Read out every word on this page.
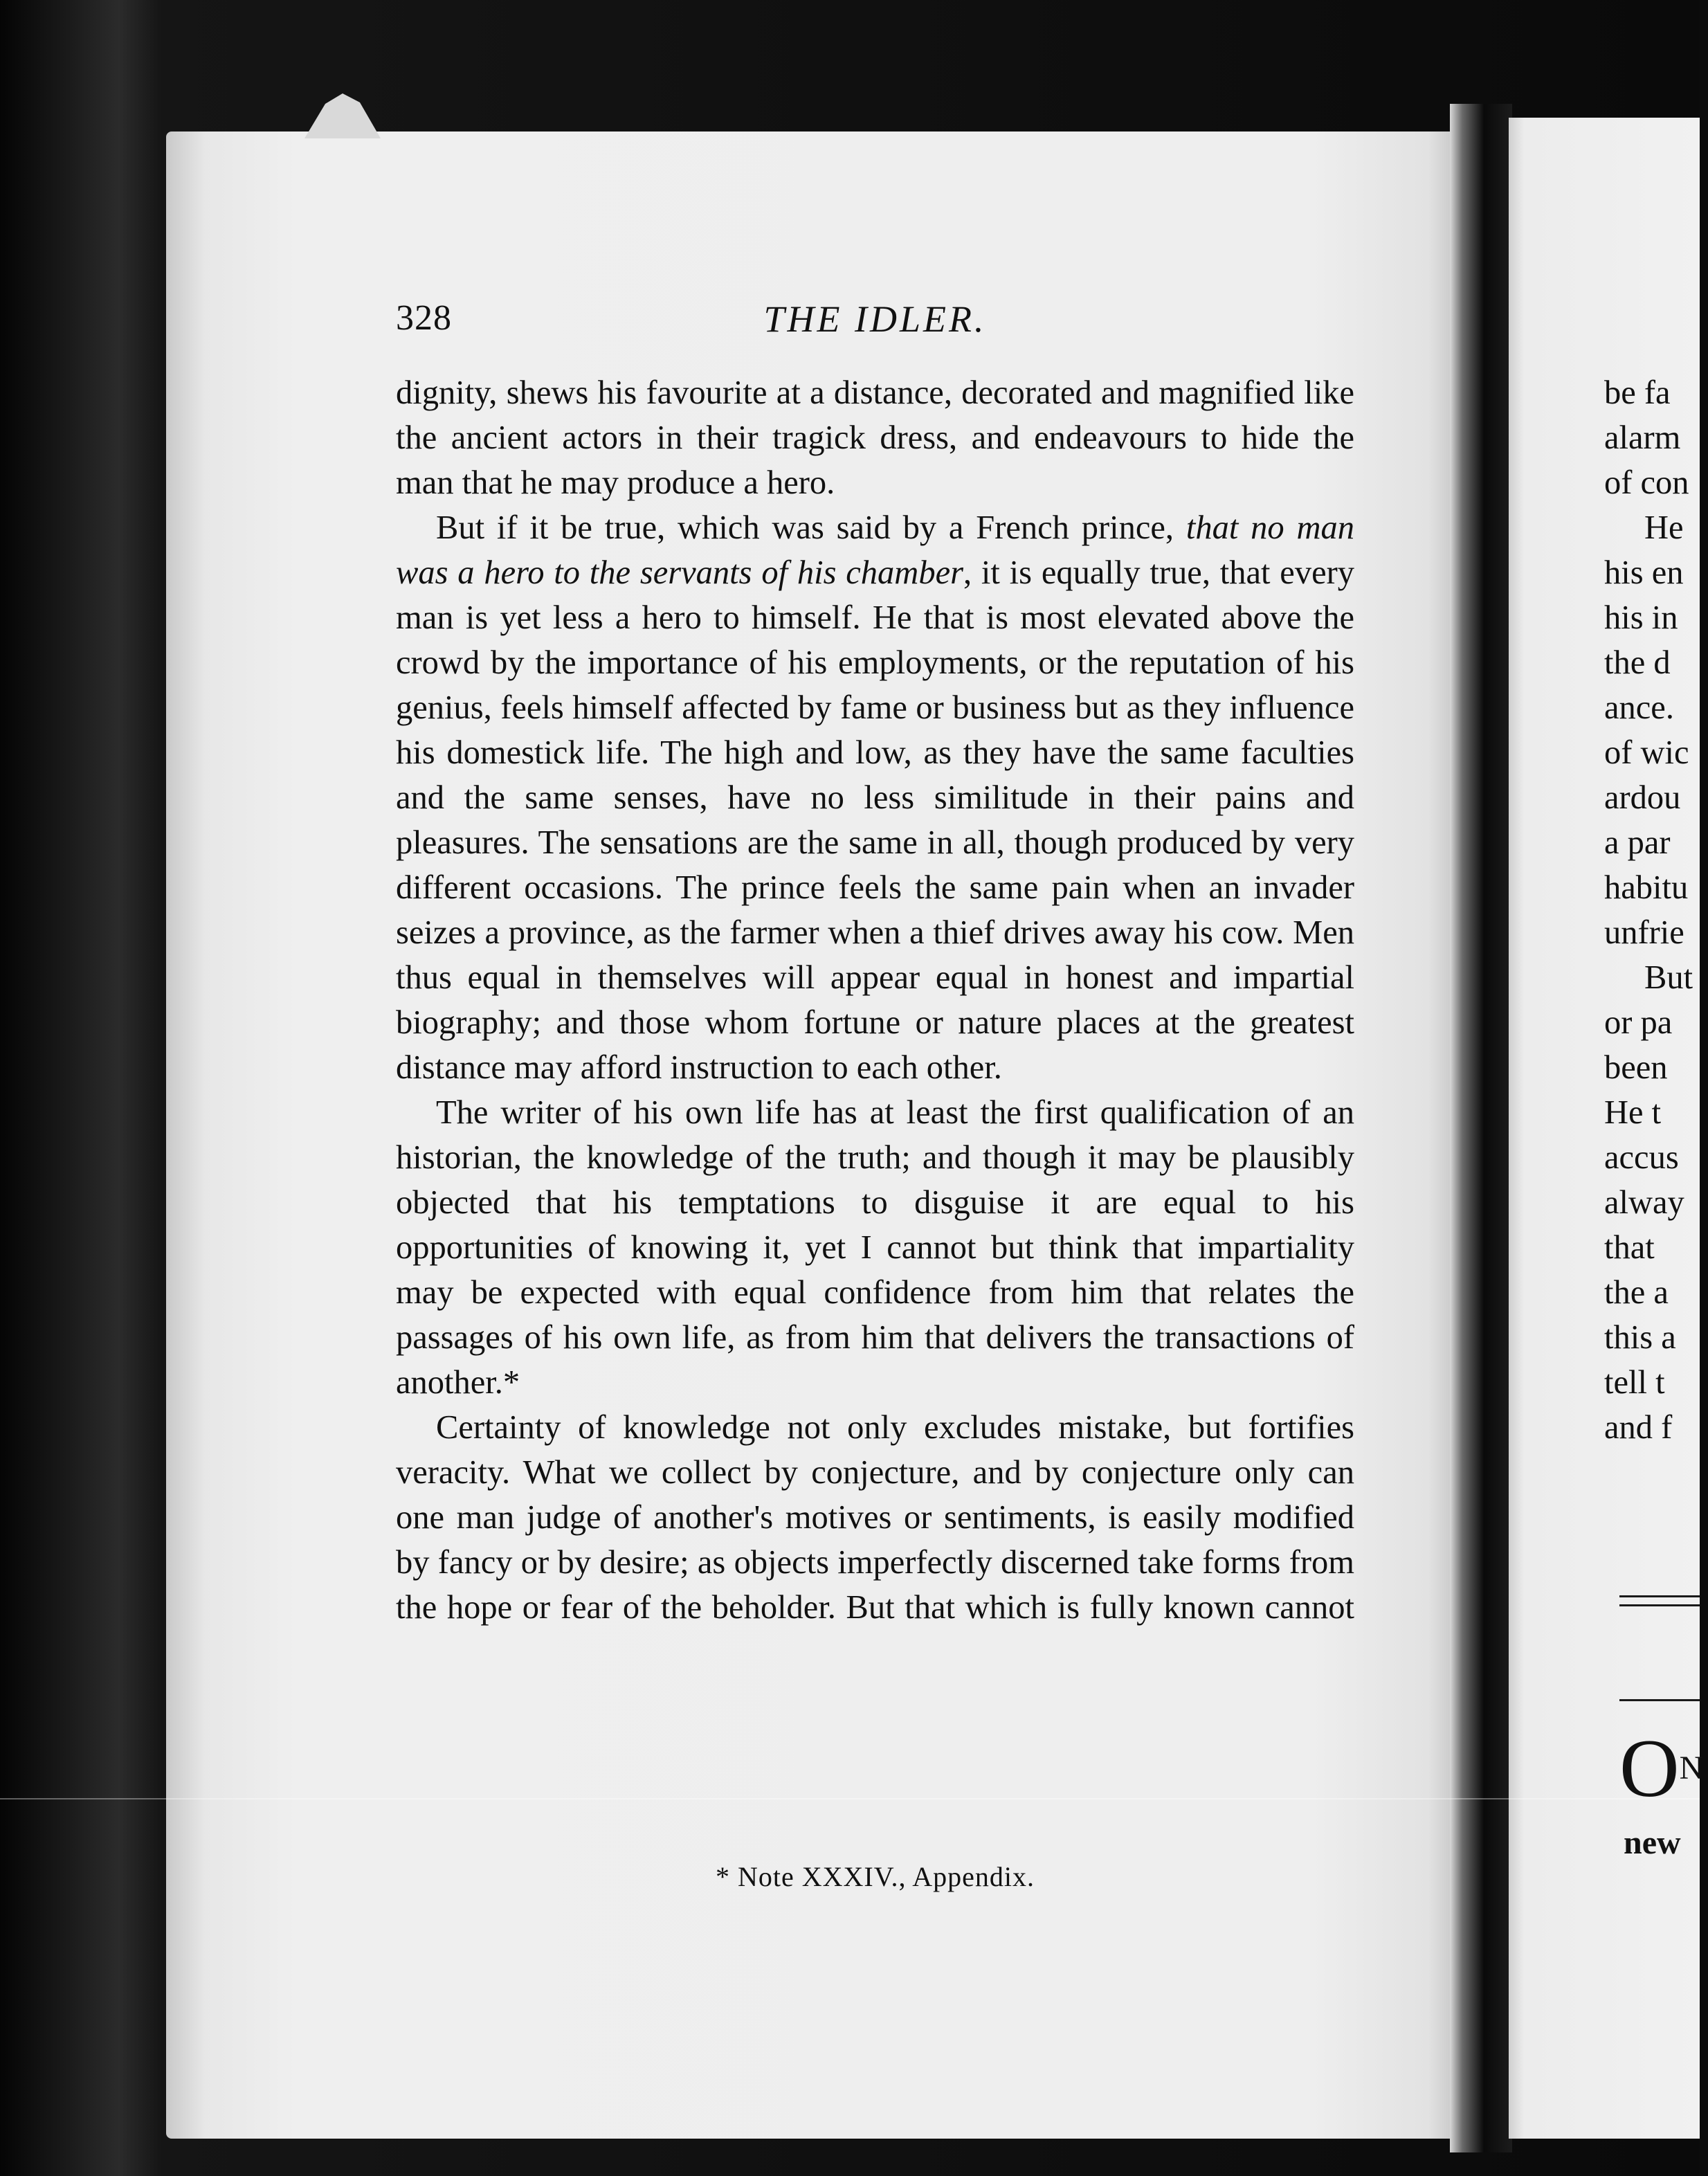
328	THE IDLER.

dignity, shews his favourite at a distance, decorated and magnified like the ancient actors in their tragick dress, and endeavours to hide the man that he may produce a hero.

But if it be true, which was said by a French prince, that no man was a hero to the servants of his chamber, it is equally true, that every man is yet less a hero to himself. He that is most elevated above the crowd by the importance of his employments, or the reputation of his genius, feels himself affected by fame or business but as they influence his domestick life. The high and low, as they have the same faculties and the same senses, have no less similitude in their pains and pleasures. The sensations are the same in all, though produced by very different occasions. The prince feels the same pain when an invader seizes a province, as the farmer when a thief drives away his cow. Men thus equal in themselves will appear equal in honest and impartial biography; and those whom fortune or nature places at the greatest distance may afford instruction to each other.

The writer of his own life has at least the first qualification of an historian, the knowledge of the truth; and though it may be plausibly objected that his temptations to disguise it are equal to his opportunities of knowing it, yet I cannot but think that impartiality may be expected with equal confidence from him that relates the passages of his own life, as from him that delivers the transactions of another.*

Certainty of knowledge not only excludes mistake, but fortifies veracity. What we collect by conjecture, and by conjecture only can one man judge of another's motives or sentiments, is easily modified by fancy or by desire; as objects imperfectly discerned take forms from the hope or fear of the beholder. But that which is fully known cannot

* Note XXXIV., Appendix.
be fa
alarm
of con
He
his en
his in
the d
ance.
of wic
ardou
a par
habitu
unfrie
But
or pa
been
He t
accus
alway
that
the a
this a
tell t
and f
$O^N$
new
